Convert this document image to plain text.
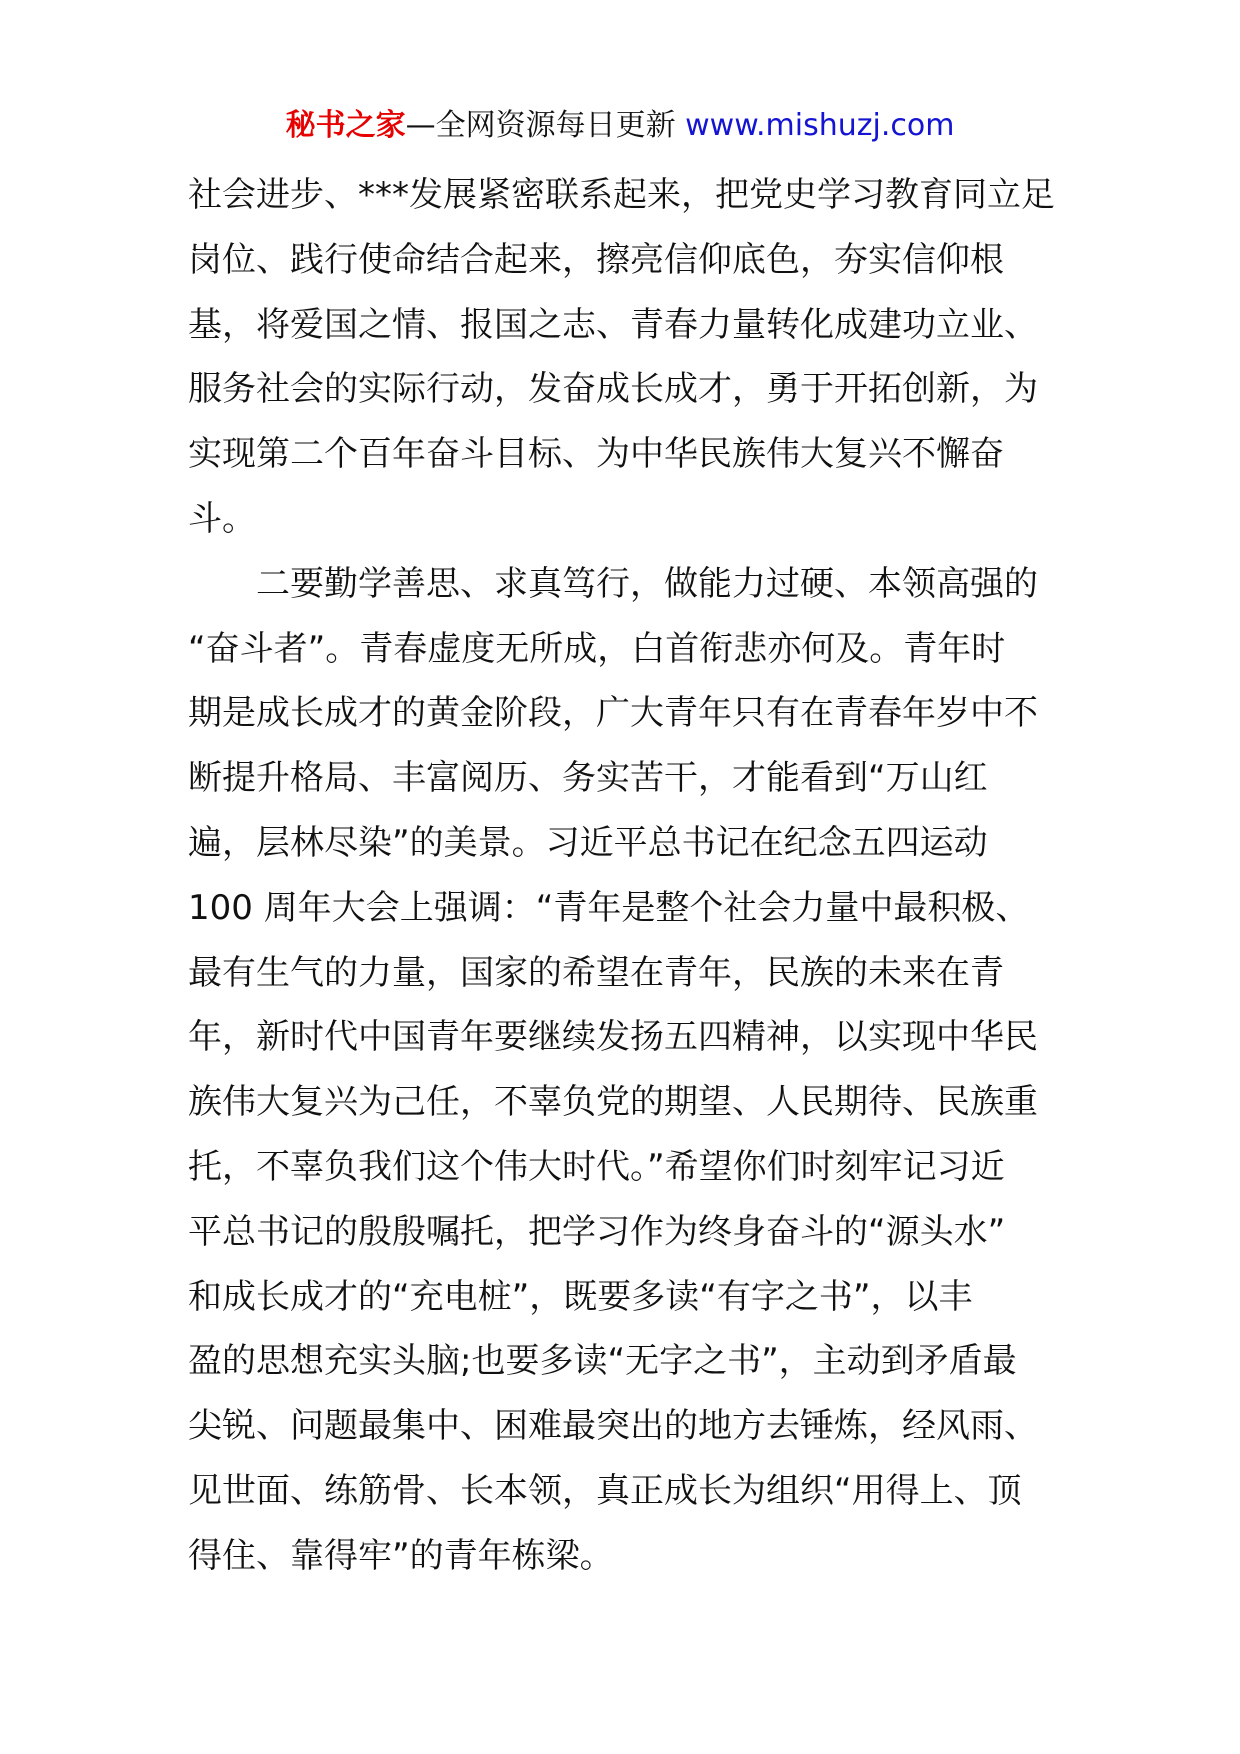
秘书之家—全网资源每日更新 www.mishuzj.com
社会进步、***发展紧密联系起来，把党史学习教育同立足
岗位、践行使命结合起来，擦亮信仰底色，夯实信仰根
基，将爱国之情、报国之志、青春力量转化成建功立业、
服务社会的实际行动，发奋成长成才，勇于开拓创新，为
实现第二个百年奋斗目标、为中华民族伟大复兴不懈奋
斗。
二要勤学善思、求真笃行，做能力过硬、本领高强的
“奋斗者”。青春虚度无所成，白首衔悲亦何及。青年时
期是成长成才的黄金阶段，广大青年只有在青春年岁中不
断提升格局、丰富阅历、务实苦干，才能看到“万山红
遍，层林尽染”的美景。习近平总书记在纪念五四运动
100 周年大会上强调：“青年是整个社会力量中最积极、
最有生气的力量，国家的希望在青年，民族的未来在青
年，新时代中国青年要继续发扬五四精神，以实现中华民
族伟大复兴为己任，不辜负党的期望、人民期待、民族重
托，不辜负我们这个伟大时代。”希望你们时刻牢记习近
平总书记的殷殷嘱托，把学习作为终身奋斗的“源头水”
和成长成才的“充电桩”，既要多读“有字之书”，以丰
盈的思想充实头脑;也要多读“无字之书”，主动到矛盾最
尖锐、问题最集中、困难最突出的地方去锤炼，经风雨、
见世面、练筋骨、长本领，真正成长为组织“用得上、顶
得住、靠得牢”的青年栋梁。
